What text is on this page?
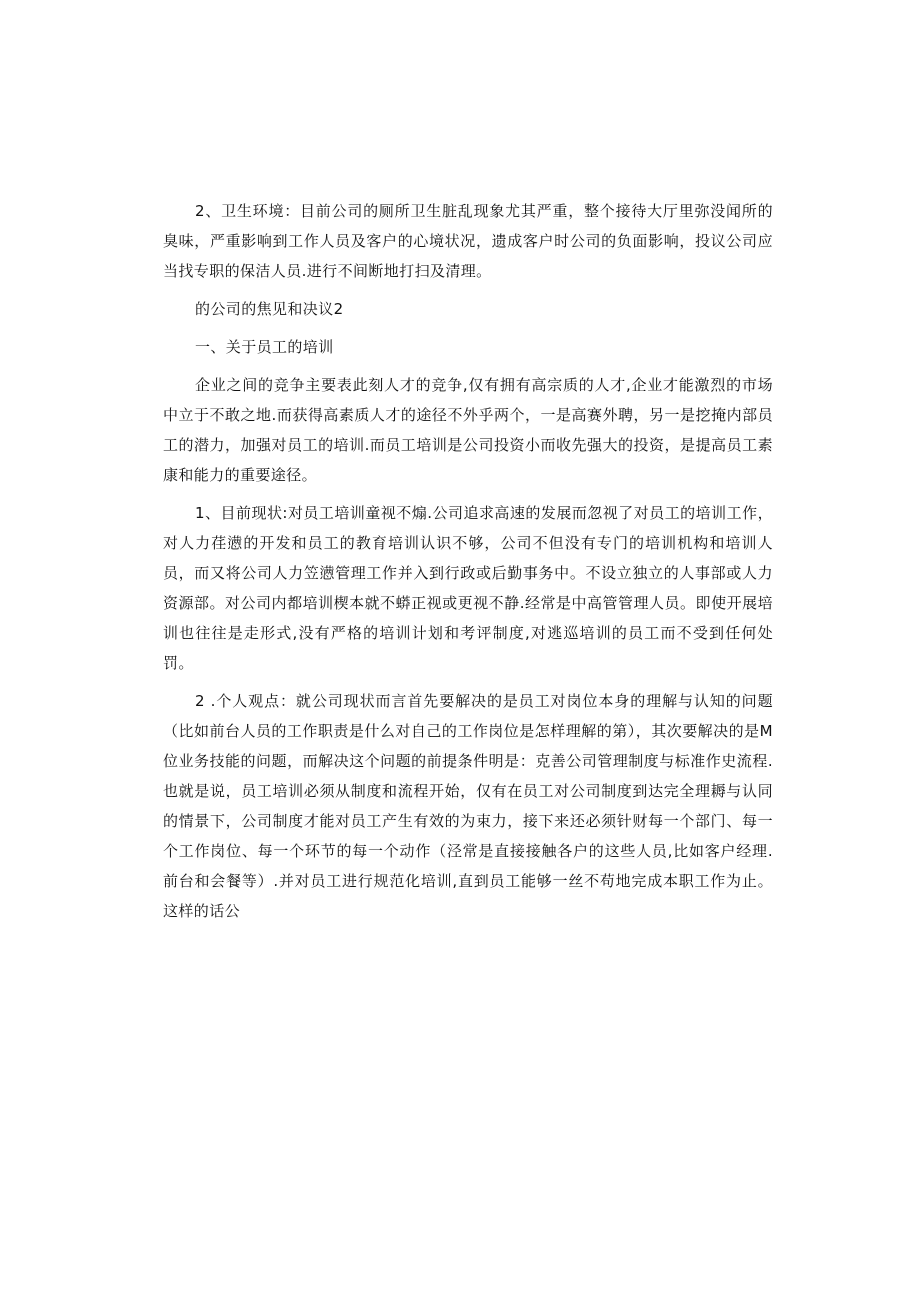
2、卫生环境：目前公司的厕所卫生脏乱现象尤其严重，整个接待大厅里弥没闻所的臭味，严重影响到工作人员及客户的心境状况，遗成客户时公司的负面影响，投议公司应当找专职的保洁人员.进行不间断地打扫及清理。

的公司的焦见和决议2

一、关于员工的培训

企业之间的竞争主要表此刻人才的竞争,仅有拥有高宗质的人才,企业才能激烈的市场中立于不敢之地.而获得高素质人才的途径不外乎两个，一是高赛外聘，另一是挖掩内部员工的潜力，加强对员工的培训.而员工培训是公司投资小而收先强大的投资，是提高员工素康和能力的重要途径。

1、目前现状:对员工培训童视不煽.公司追求高速的发展而忽视了对员工的培训工作，对人力荏懑的开发和员工的教育培训认识不够，公司不但没有专门的培训机构和培训人员，而又将公司人力笠懑管理工作并入到行政或后勤事务中。不设立独立的人事部或人力资源部。对公司内都培训楔本就不蟒正视或更视不静.经常是中高管管理人员。即使开展培训也往往是走形式,没有严格的培训计划和考评制度,对逃巡培训的员工而不受到任何处罚。

2 .个人观点：就公司现状而言首先要解决的是员工对岗位本身的理解与认知的问题（比如前台人员的工作职责是什么对自己的工作岗位是怎样理解的第），其次要解决的是M位业务技能的问题，而解决这个问题的前提条件明是：克善公司管理制度与标准作史流程.也就是说，员工培训必须从制度和流程开始，仅有在员工对公司制度到达完全理耨与认同的情景下，公司制度才能对员工产生有效的为束力，接下来还必须针财每一个部门、每一个工作岗位、每一个环节的每一个动作（泾常是直接接触各户的这些人员,比如客户经理.前台和会餐等）.并对员工进行规范化培训,直到员工能够一丝不苟地完成本职工作为止。这样的话公
